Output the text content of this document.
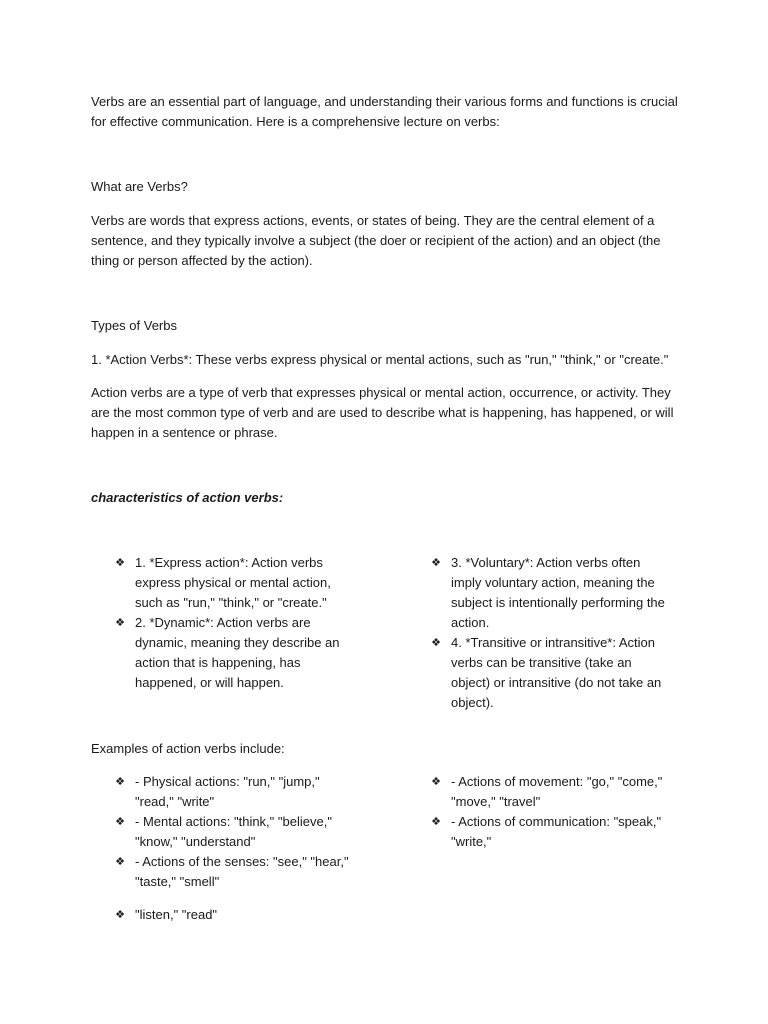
Verbs are an essential part of language, and understanding their various forms and functions is crucial for effective communication. Here is a comprehensive lecture on verbs:
What are Verbs?
Verbs are words that express actions, events, or states of being. They are the central element of a sentence, and they typically involve a subject (the doer or recipient of the action) and an object (the thing or person affected by the action).
Types of Verbs
1. *Action Verbs*: These verbs express physical or mental actions, such as "run," "think," or "create."
Action verbs are a type of verb that expresses physical or mental action, occurrence, or activity. They are the most common type of verb and are used to describe what is happening, has happened, or will happen in a sentence or phrase.
characteristics of action verbs:
❖ 1. *Express action*: Action verbs express physical or mental action, such as "run," "think," or "create."
❖ 2. *Dynamic*: Action verbs are dynamic, meaning they describe an action that is happening, has happened, or will happen.
❖ 3. *Voluntary*: Action verbs often imply voluntary action, meaning the subject is intentionally performing the action.
❖ 4. *Transitive or intransitive*: Action verbs can be transitive (take an object) or intransitive (do not take an object).
Examples of action verbs include:
❖ - Physical actions: "run," "jump," "read," "write"
❖ - Mental actions: "think," "believe," "know," "understand"
❖ - Actions of the senses: "see," "hear," "taste," "smell"
❖ "listen," "read"
❖ - Actions of movement: "go," "come," "move," "travel"
❖ - Actions of communication: "speak," "write,"
